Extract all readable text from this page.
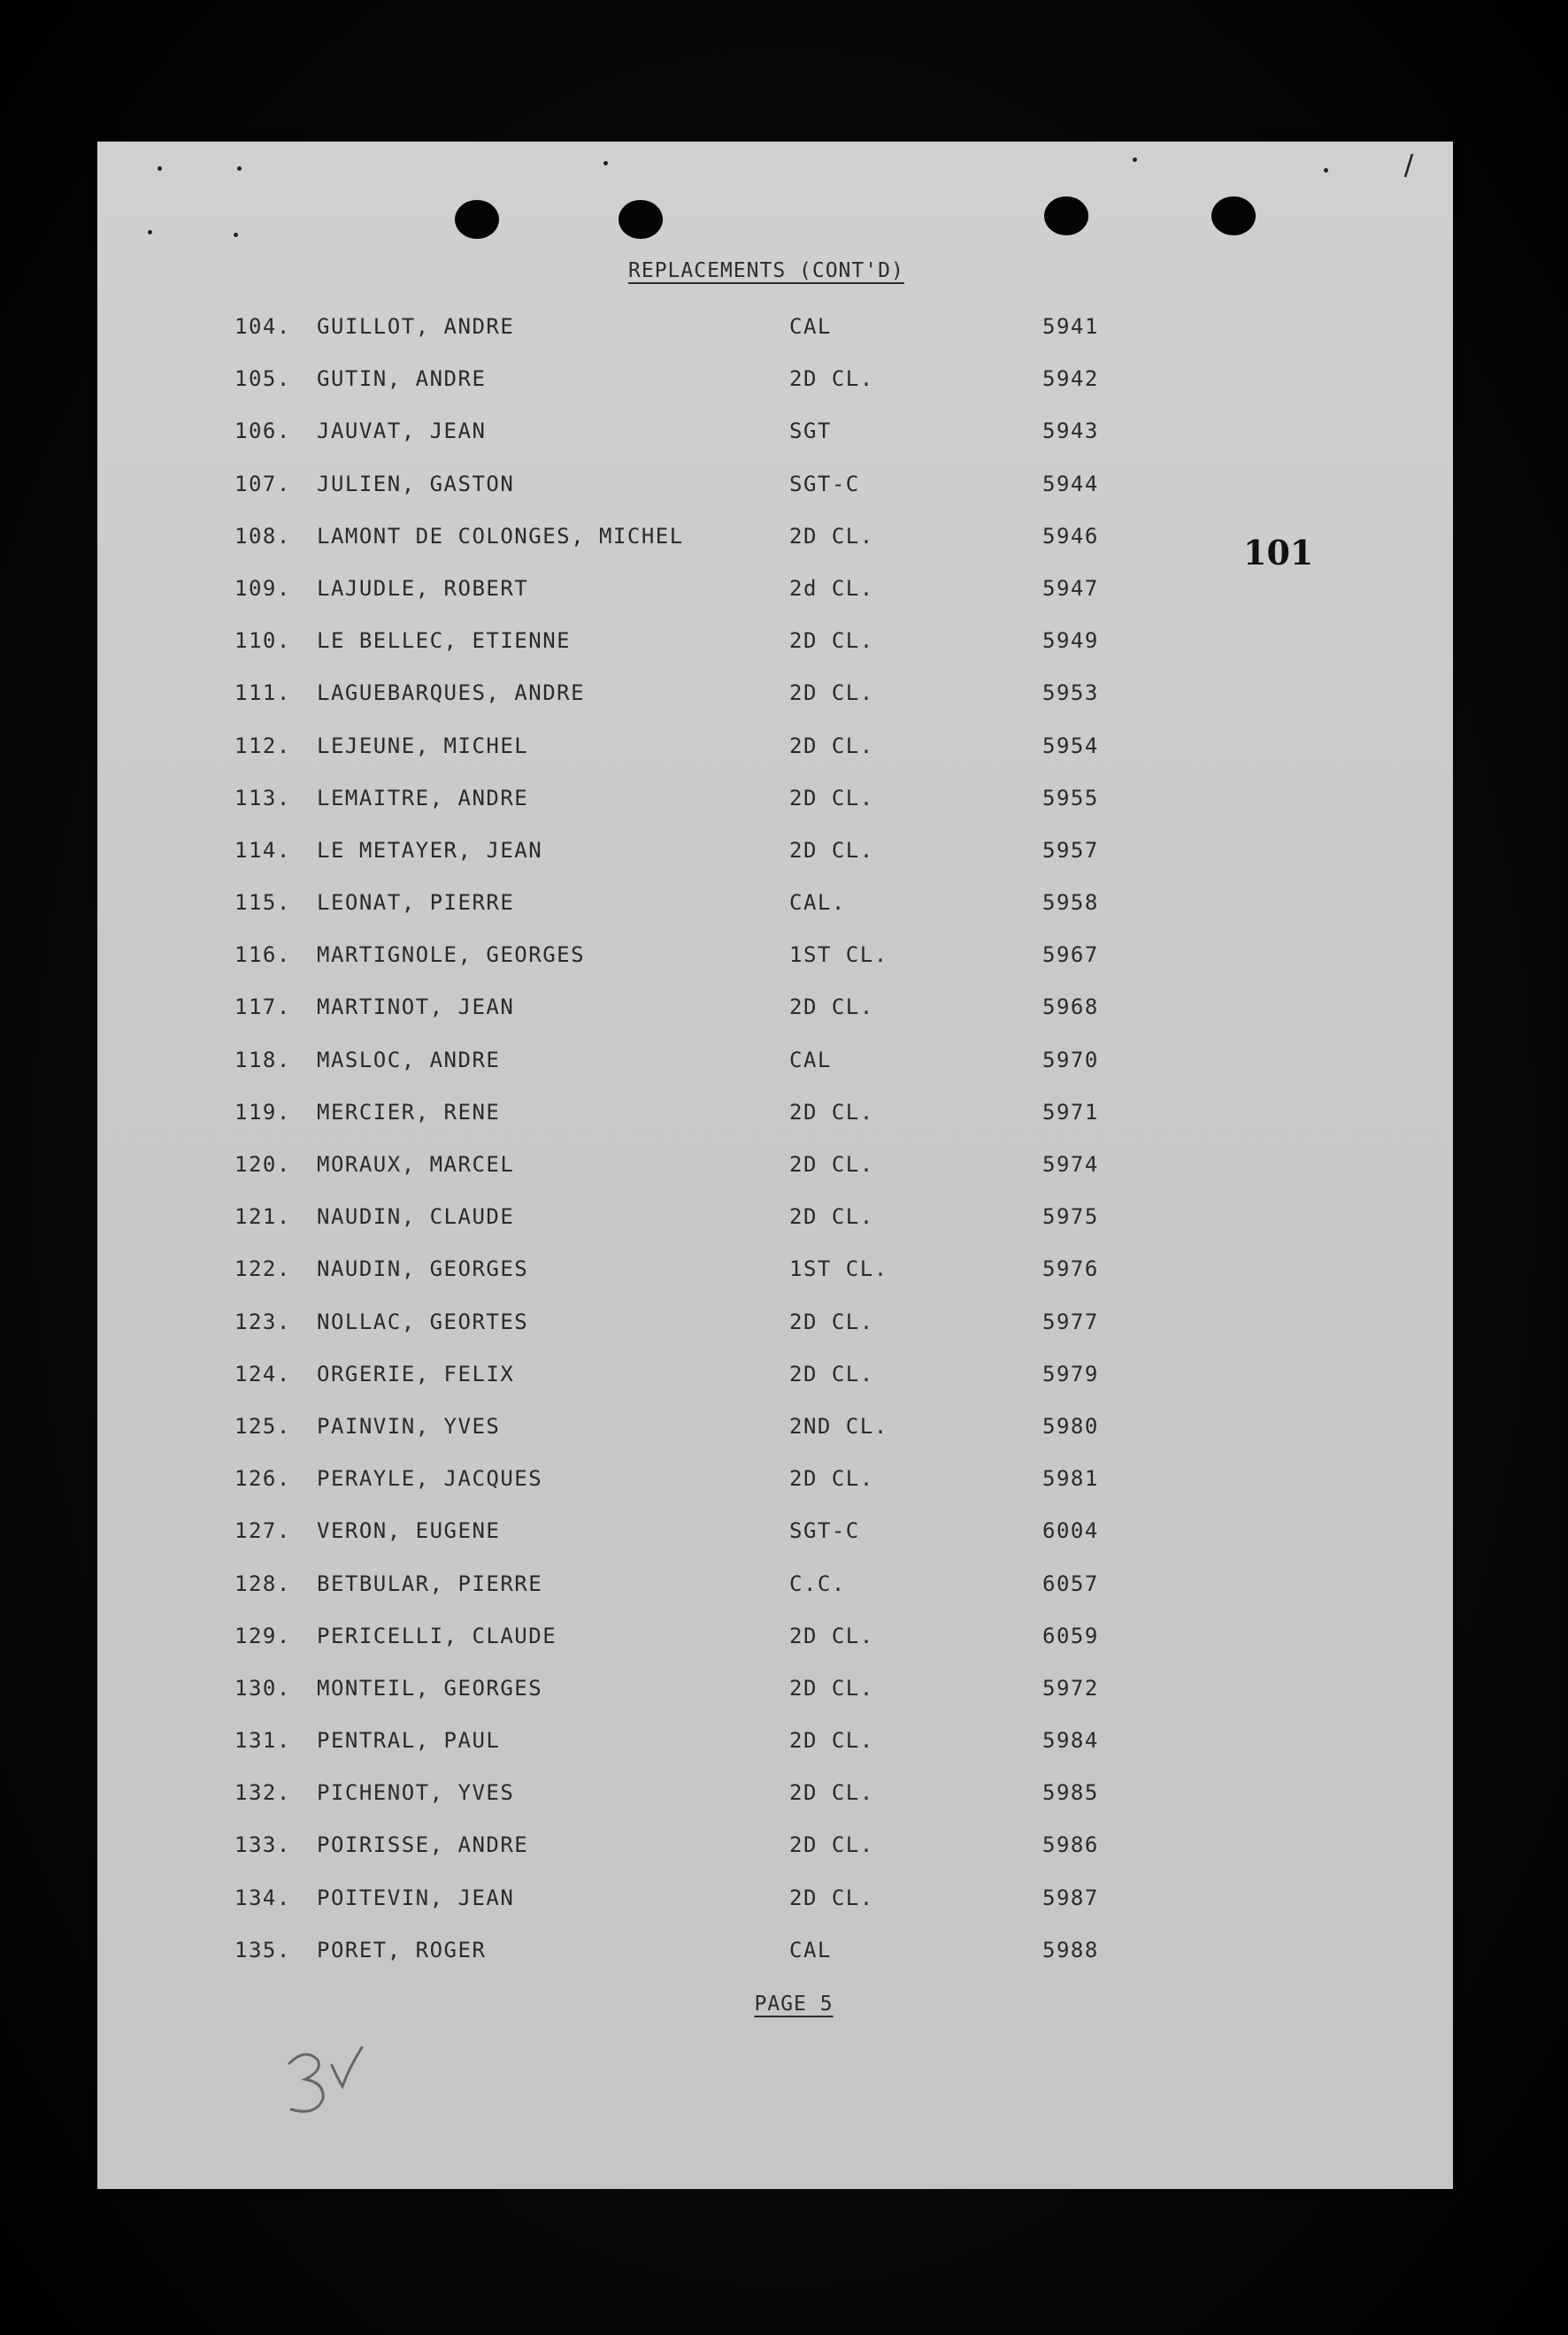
REPLACEMENTS (CONT'D)
104. GUILLOT, ANDRE	CAL	5941
105. GUTIN, ANDRE	2D CL.	5942
106. JAUVAT, JEAN	SGT	5943
107. JULIEN, GASTON	SGT-C	5944
108. LAMONT DE COLONGES, MICHEL	2D CL.	5946
109. LAJUDLE, ROBERT	2d CL.	5947
110. LE BELLEC, ETIENNE	2D CL.	5949
111. LAGUEBARQUES, ANDRE	2D CL.	5953
112. LEJEUNE, MICHEL	2D CL.	5954
113. LEMAITRE, ANDRE	2D CL.	5955
114. LE METAYER, JEAN	2D CL.	5957
115. LEONAT, PIERRE	CAL.	5958
116. MARTIGNOLE, GEORGES	1ST CL.	5967
117. MARTINOT, JEAN	2D CL.	5968
118. MASLOC, ANDRE	CAL	5970
119. MERCIER, RENE	2D CL.	5971
120. MORAUX, MARCEL	2D CL.	5974
121. NAUDIN, CLAUDE	2D CL.	5975
122. NAUDIN, GEORGES	1ST CL.	5976
123. NOLLAC, GEORTES	2D CL.	5977
124. ORGERIE, FELIX	2D CL.	5979
125. PAINVIN, YVES	2ND CL.	5980
126. PERAYLE, JACQUES	2D CL.	5981
127. VERON, EUGENE	SGT-C	6004
128. BETBULAR, PIERRE	C.C.	6057
129. PERICELLI, CLAUDE	2D CL.	6059
130. MONTEIL, GEORGES	2D CL.	5972
131. PENTRAL, PAUL	2D CL.	5984
132. PICHENOT, YVES	2D CL.	5985
133. POIRISSE, ANDRE	2D CL.	5986
134. POITEVIN, JEAN	2D CL.	5987
135. PORET, ROGER	CAL	5988
101
PAGE 5
